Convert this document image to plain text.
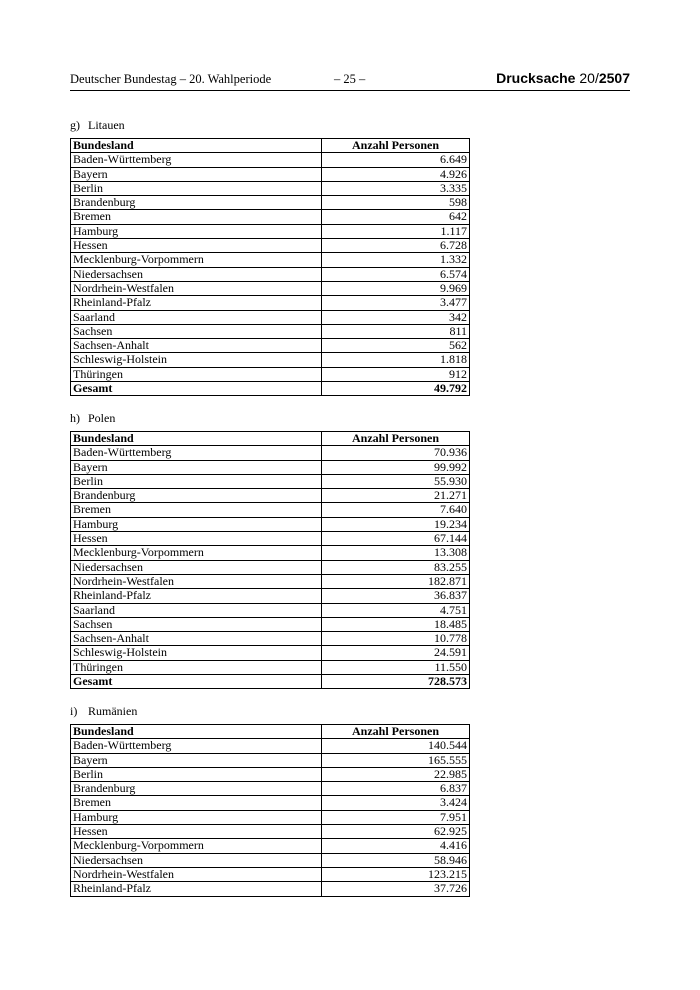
Deutscher Bundestag – 20. Wahlperiode	– 25 –	Drucksache 20/2507
g) Litauen
Bundesland	Anzahl Personen
Baden-Württemberg	6.649
Bayern	4.926
Berlin	3.335
Brandenburg	598
Bremen	642
Hamburg	1.117
Hessen	6.728
Mecklenburg-Vorpommern	1.332
Niedersachsen	6.574
Nordrhein-Westfalen	9.969
Rheinland-Pfalz	3.477
Saarland	342
Sachsen	811
Sachsen-Anhalt	562
Schleswig-Holstein	1.818
Thüringen	912
Gesamt	49.792
h) Polen
Bundesland	Anzahl Personen
Baden-Württemberg	70.936
Bayern	99.992
Berlin	55.930
Brandenburg	21.271
Bremen	7.640
Hamburg	19.234
Hessen	67.144
Mecklenburg-Vorpommern	13.308
Niedersachsen	83.255
Nordrhein-Westfalen	182.871
Rheinland-Pfalz	36.837
Saarland	4.751
Sachsen	18.485
Sachsen-Anhalt	10.778
Schleswig-Holstein	24.591
Thüringen	11.550
Gesamt	728.573
i) Rumänien
Bundesland	Anzahl Personen
Baden-Württemberg	140.544
Bayern	165.555
Berlin	22.985
Brandenburg	6.837
Bremen	3.424
Hamburg	7.951
Hessen	62.925
Mecklenburg-Vorpommern	4.416
Niedersachsen	58.946
Nordrhein-Westfalen	123.215
Rheinland-Pfalz	37.726
